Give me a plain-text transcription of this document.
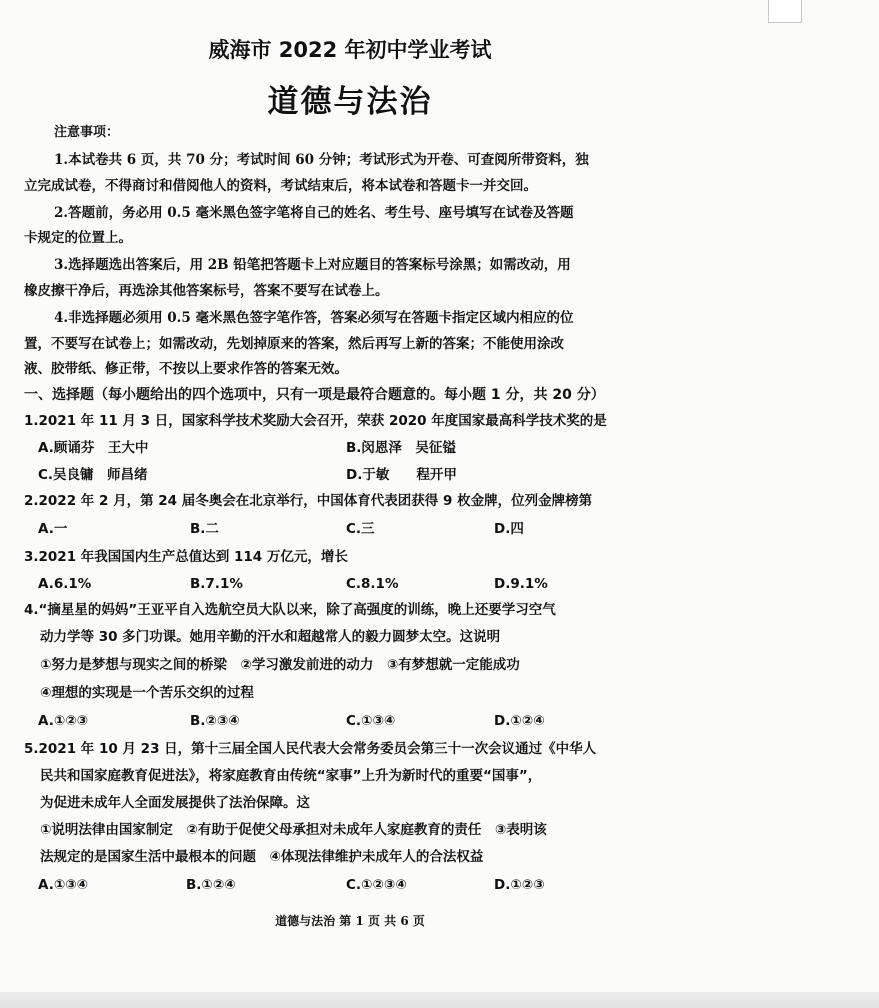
威海市 2022 年初中学业考试
道德与法治
注意事项：
1.本试卷共 6 页，共 70 分；考试时间 60 分钟；考试形式为开卷、可查阅所带资料，独
立完成试卷，不得商讨和借阅他人的资料，考试结束后，将本试卷和答题卡一并交回。
2.答题前，务必用 0.5 毫米黑色签字笔将自己的姓名、考生号、座号填写在试卷及答题
卡规定的位置上。
3.选择题选出答案后，用 2B 铅笔把答题卡上对应题目的答案标号涂黑；如需改动，用
橡皮擦干净后，再选涂其他答案标号，答案不要写在试卷上。
4.非选择题必须用 0.5 毫米黑色签字笔作答，答案必须写在答题卡指定区域内相应的位
置，不要写在试卷上；如需改动，先划掉原来的答案，然后再写上新的答案；不能使用涂改
液、胶带纸、修正带，不按以上要求作答的答案无效。
一、选择题（每小题给出的四个选项中，只有一项是最符合题意的。每小题 1 分，共 20 分）
1.2021 年 11 月 3 日，国家科学技术奖励大会召开，荣获 2020 年度国家最高科学技术奖的是
A.顾诵芬　王大中	B.闵恩泽　吴征镒
C.吴良镛　师昌绪	D.于敏　　程开甲
2.2022 年 2 月，第 24 届冬奥会在北京举行，中国体育代表团获得 9 枚金牌，位列金牌榜第
A.一	B.二	C.三	D.四
3.2021 年我国国内生产总值达到 114 万亿元，增长
A.6.1%	B.7.1%	C.8.1%	D.9.1%
4.“摘星星的妈妈”王亚平自入选航空员大队以来，除了高强度的训练，晚上还要学习空气
动力学等 30 多门功课。她用辛勤的汗水和超越常人的毅力圆梦太空。这说明
①努力是梦想与现实之间的桥梁　②学习激发前进的动力　③有梦想就一定能成功
④理想的实现是一个苦乐交织的过程
A.①②③	B.②③④	C.①③④	D.①②④
5.2021 年 10 月 23 日，第十三届全国人民代表大会常务委员会第三十一次会议通过《中华人
民共和国家庭教育促进法》，将家庭教育由传统“家事”上升为新时代的重要“国事”，
为促进未成年人全面发展提供了法治保障。这
①说明法律由国家制定　②有助于促使父母承担对未成年人家庭教育的责任　③表明该
法规定的是国家生活中最根本的问题　④体现法律维护未成年人的合法权益
A.①③④	B.①②④	C.①②③④	D.①②③
道德与法治 第 1 页 共 6 页
